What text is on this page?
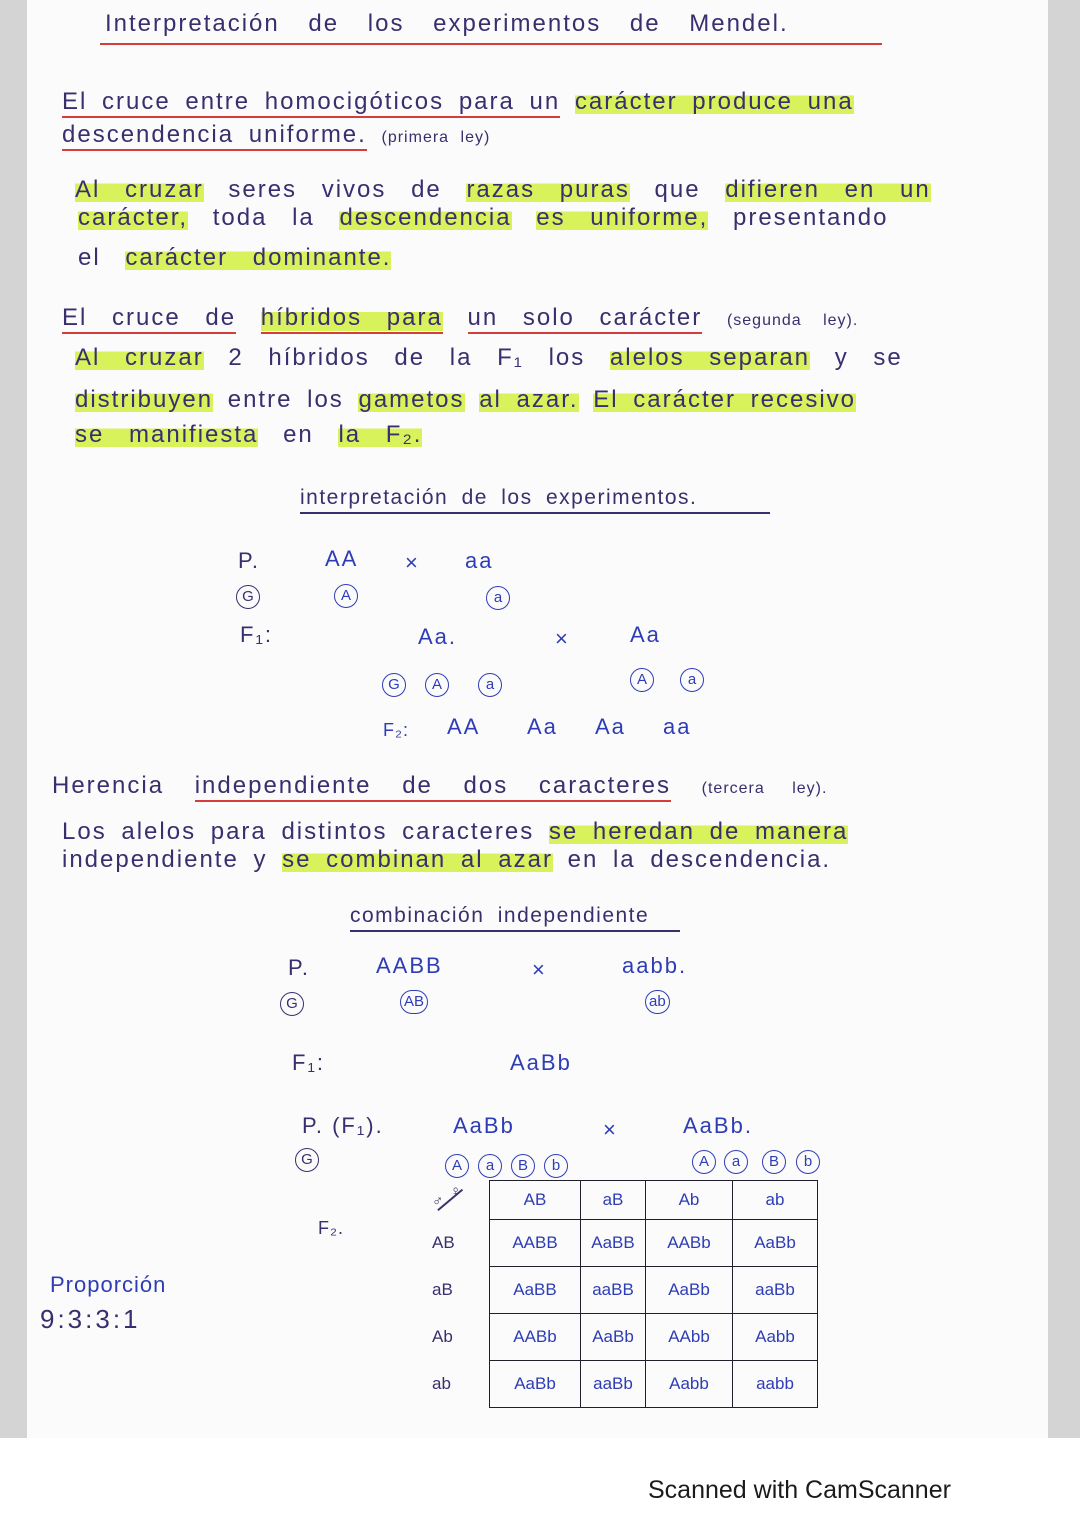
Interpretación de los experimentos de Mendel.
El cruce entre homocigóticos para un carácter produce una
descendencia uniforme. (primera ley)
Al cruzar seres vivos de razas puras que difieren en un
carácter, toda la descendencia es uniforme, presentando
el carácter dominante.
El cruce de híbridos para un solo carácter (segunda ley).
Al cruzar 2 híbridos de la F₁ los alelos separan y se
distribuyen entre los gametos al azar. El carácter recesivo
se manifiesta en la F₂.
interpretación de los experimentos.
P.	AA × aa
G	A	a
F₁:	Aa.	×	Aa
G	A	a	A	a
F₂: AA Aa Aa aa
Herencia independiente de dos caracteres (tercera ley).
Los alelos para distintos caracteres se heredan de manera
independiente y se combinan al azar en la descendencia.
combinación independiente
P.	AABB	×	aabb.
G	AB	ab
F₁:	AaBb
P. (F₁).	AaBb	×	AaBb.
G	A	a	B	b	A	a	B	b
F₂.
♂
♀	AB	aB	Ab	ab
AB	AABB	AaBB	AABb	AaBb
aB	AaBB	aaBB	AaBb	aaBb
Ab	AABb	AaBb	AAbb	Aabb
ab	AaBb	aaBb	Aabb	aabb
Proporción
9:3:3:1
Scanned with CamScanner
